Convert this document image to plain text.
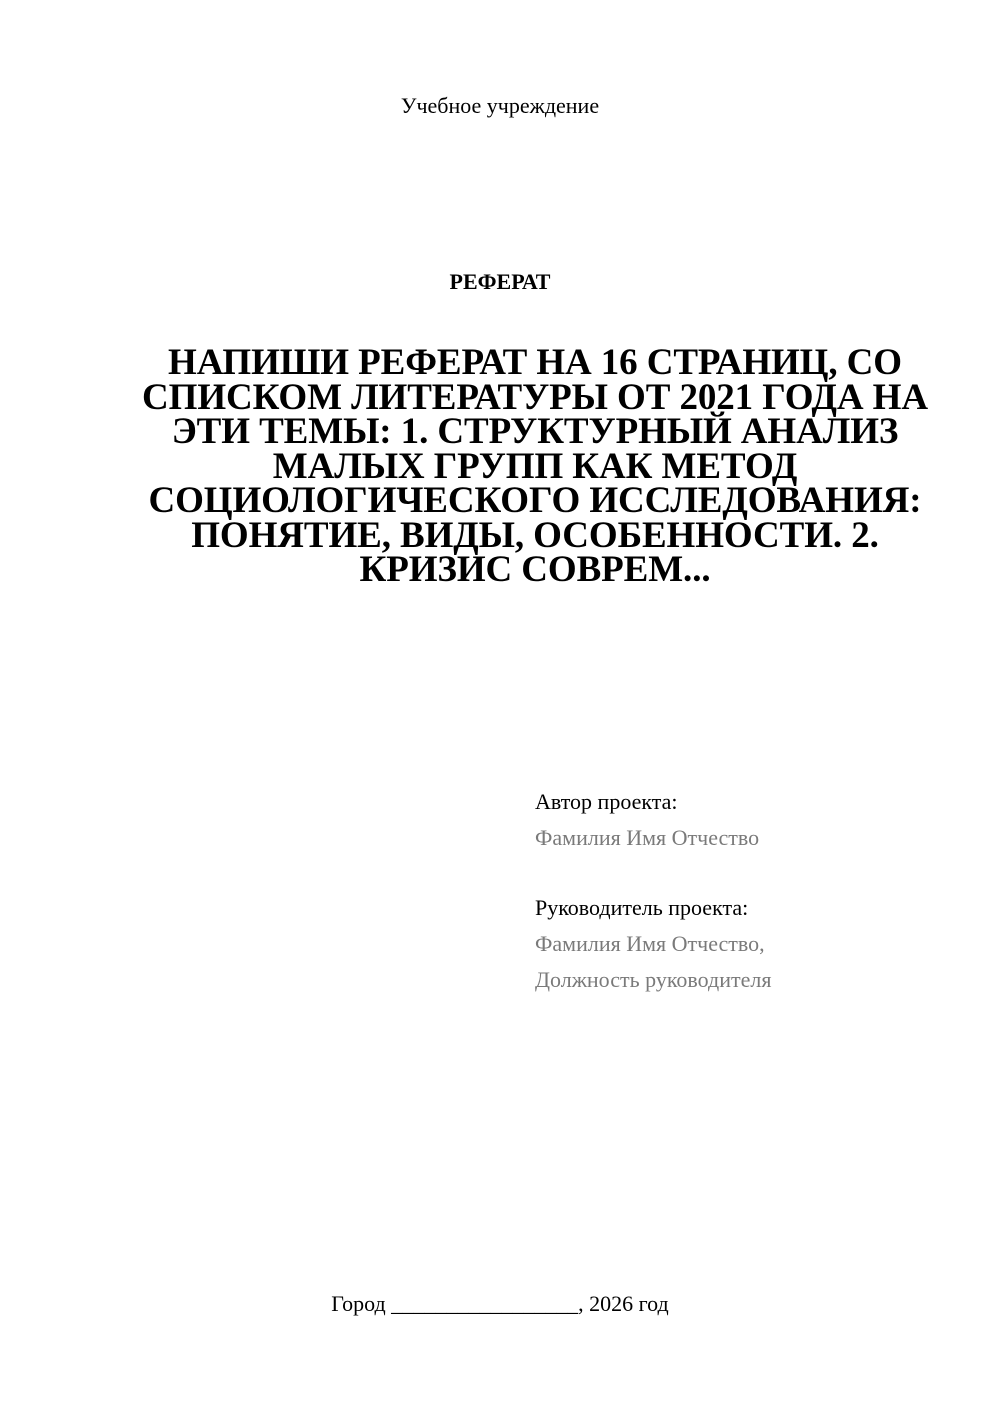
Учебное учреждение
РЕФЕРАТ
НАПИШИ РЕФЕРАТ НА 16 СТРАНИЦ, СО СПИСКОМ ЛИТЕРАТУРЫ ОТ 2021 ГОДА НА ЭТИ ТЕМЫ: 1. СТРУКТУРНЫЙ АНАЛИЗ МАЛЫХ ГРУПП КАК МЕТОД СОЦИОЛОГИЧЕСКОГО ИССЛЕДОВАНИЯ: ПОНЯТИЕ, ВИДЫ, ОСОБЕННОСТИ. 2. КРИЗИС СОВРЕМ...
Автор проекта:
Фамилия Имя Отчество
Руководитель проекта:
Фамилия Имя Отчество,
Должность руководителя
Город _________________, 2026 год
